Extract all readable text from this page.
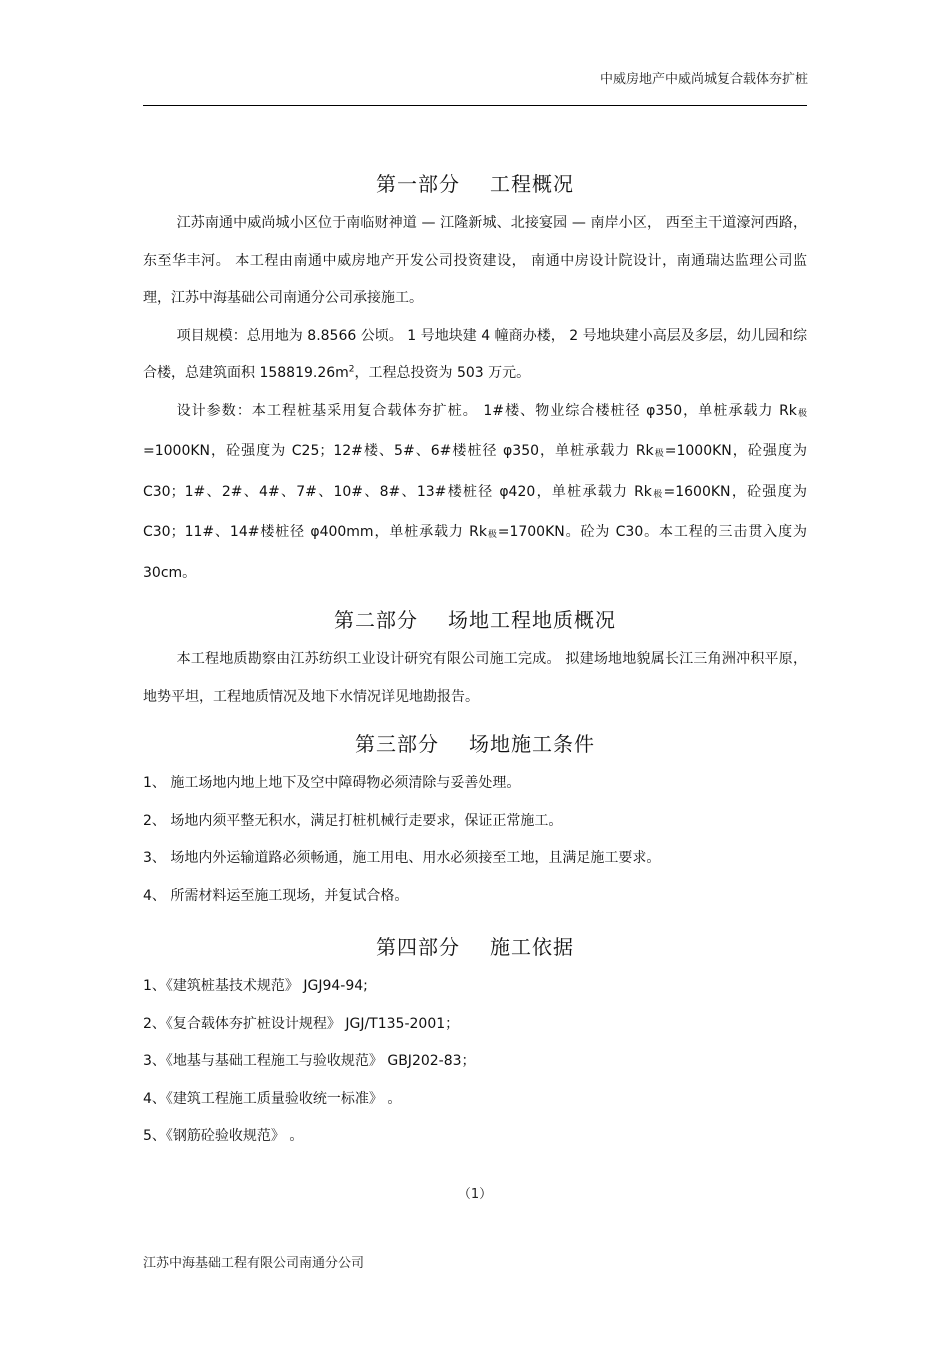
中威房地产中威尚城复合载体夯扩桩
第一部分 工程概况

江苏南通中威尚城小区位于南临财神道 — 江隆新城、北接宴园 — 南岸小区， 西至主干道濠河西路， 东至华丰河。 本工程由南通中威房地产开发公司投资建设， 南通中房设计院设计，南通瑞达监理公司监理，江苏中海基础公司南通分公司承接施工。

项目规模：总用地为 8.8566 公顷。 1 号地块建 4 幢商办楼， 2 号地块建小高层及多层，幼儿园和综合楼，总建筑面积 $158819.26m^2$，工程总投资为 503 万元。

设计参数：本工程桩基采用复合载体夯扩桩。 1#楼、物业综合楼桩径 φ350，单桩承载力 Rk极=1000KN，砼强度为 C25；12#楼、5#、6#楼桩径 φ350，单桩承载力 Rk极=1000KN，砼强度为 C30；1#、2#、4#、7#、10#、8#、13#楼桩径 φ420，单桩承载力 Rk极=1600KN，砼强度为 C30；11#、14#楼桩径 φ400mm，单桩承载力 Rk极=1700KN。砼为 C30。本工程的三击贯入度为 30cm。

第二部分 场地工程地质概况

本工程地质勘察由江苏纺织工业设计研究有限公司施工完成。 拟建场地地貌属长江三角洲冲积平原，地势平坦，工程地质情况及地下水情况详见地勘报告。

第三部分 场地施工条件

1、 施工场地内地上地下及空中障碍物必须清除与妥善处理。

2、 场地内须平整无积水，满足打桩机械行走要求，保证正常施工。

3、 场地内外运输道路必须畅通，施工用电、用水必须接至工地，且满足施工要求。

4、 所需材料运至施工现场，并复试合格。

第四部分 施工依据

1、《建筑桩基技术规范》 JGJ94-94;

2、《复合载体夯扩桩设计规程》 JGJ/T135-2001；

3、《地基与基础工程施工与验收规范》 GBJ202-83；

4、《建筑工程施工质量验收统一标准》 。

5、《钢筋砼验收规范》 。

（1）
江苏中海基础工程有限公司南通分公司
